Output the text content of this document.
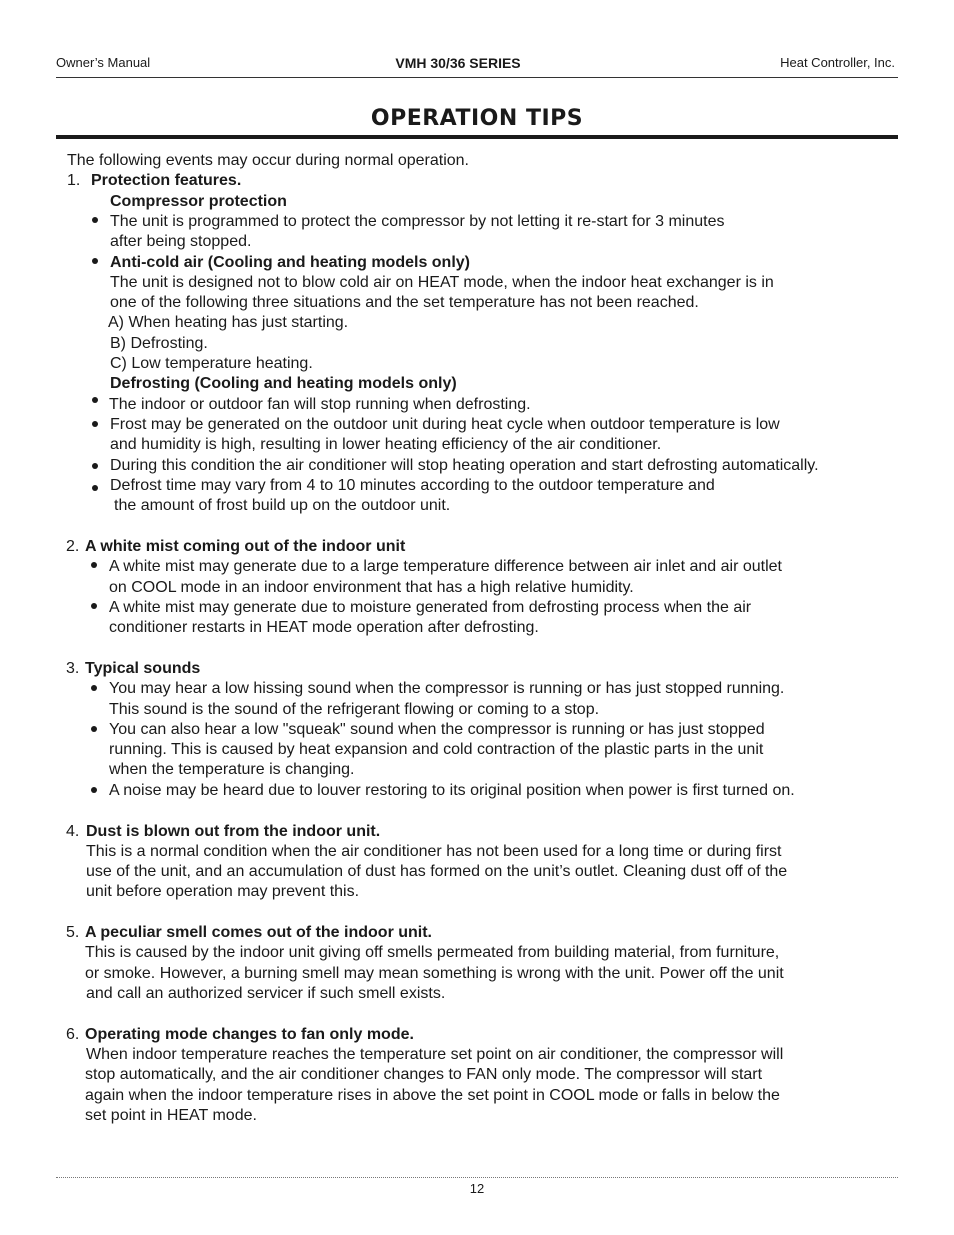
Owner’s Manual	VMH 30/36 SERIES	Heat Controller, Inc.
OPERATION TIPS
The following events may occur during normal operation.
1. Protection features.
Compressor protection
The unit is programmed to protect the compressor by not letting it re-start for 3 minutes
after being stopped.
Anti-cold air (Cooling and heating models only)
The unit is designed not to blow cold air on HEAT mode, when the indoor heat exchanger is in
one of the following three situations and the set temperature has not been reached.
A) When heating has just starting.
B) Defrosting.
C) Low temperature heating.
Defrosting (Cooling and heating models only)
The indoor or outdoor fan will stop running when defrosting.
Frost may be generated on the outdoor unit during heat cycle when outdoor temperature is low
and humidity is high, resulting in lower heating efficiency of the air conditioner.
During this condition the air conditioner will stop heating operation and start defrosting automatically.
Defrost time may vary from 4 to 10 minutes according to the outdoor temperature and
the amount of frost build up on the outdoor unit.
2. A white mist coming out of the indoor unit
A white mist may generate due to a large temperature difference between air inlet and air outlet
on COOL mode in an indoor environment that has a high relative humidity.
A white mist may generate due to moisture generated from defrosting process when the air
conditioner restarts in HEAT mode operation after defrosting.
3. Typical sounds
You may hear a low hissing sound when the compressor is running or has just stopped running.
This sound is the sound of the refrigerant flowing or coming to a stop.
You can also hear a low "squeak" sound when the compressor is running or has just stopped
running. This is caused by heat expansion and cold contraction of the plastic parts in the unit
when the temperature is changing.
A noise may be heard due to louver restoring to its original position when power is first turned on.
4. Dust is blown out from the indoor unit.
This is a normal condition when the air conditioner has not been used for a long time or during first
use of the unit, and an accumulation of dust has formed on the unit’s outlet. Cleaning dust off of the
unit before operation may prevent this.
5. A peculiar smell comes out of the indoor unit.
This is caused by the indoor unit giving off smells permeated from building material, from furniture,
or smoke. However, a burning smell may mean something is wrong with the unit. Power off the unit
and call an authorized servicer if such smell exists.
6. Operating mode changes to fan only mode.
When indoor temperature reaches the temperature set point on air conditioner, the compressor will
stop automatically, and the air conditioner changes to FAN only mode. The compressor will start
again when the indoor temperature rises in above the set point in COOL mode or falls in below the
set point in HEAT mode.
12
